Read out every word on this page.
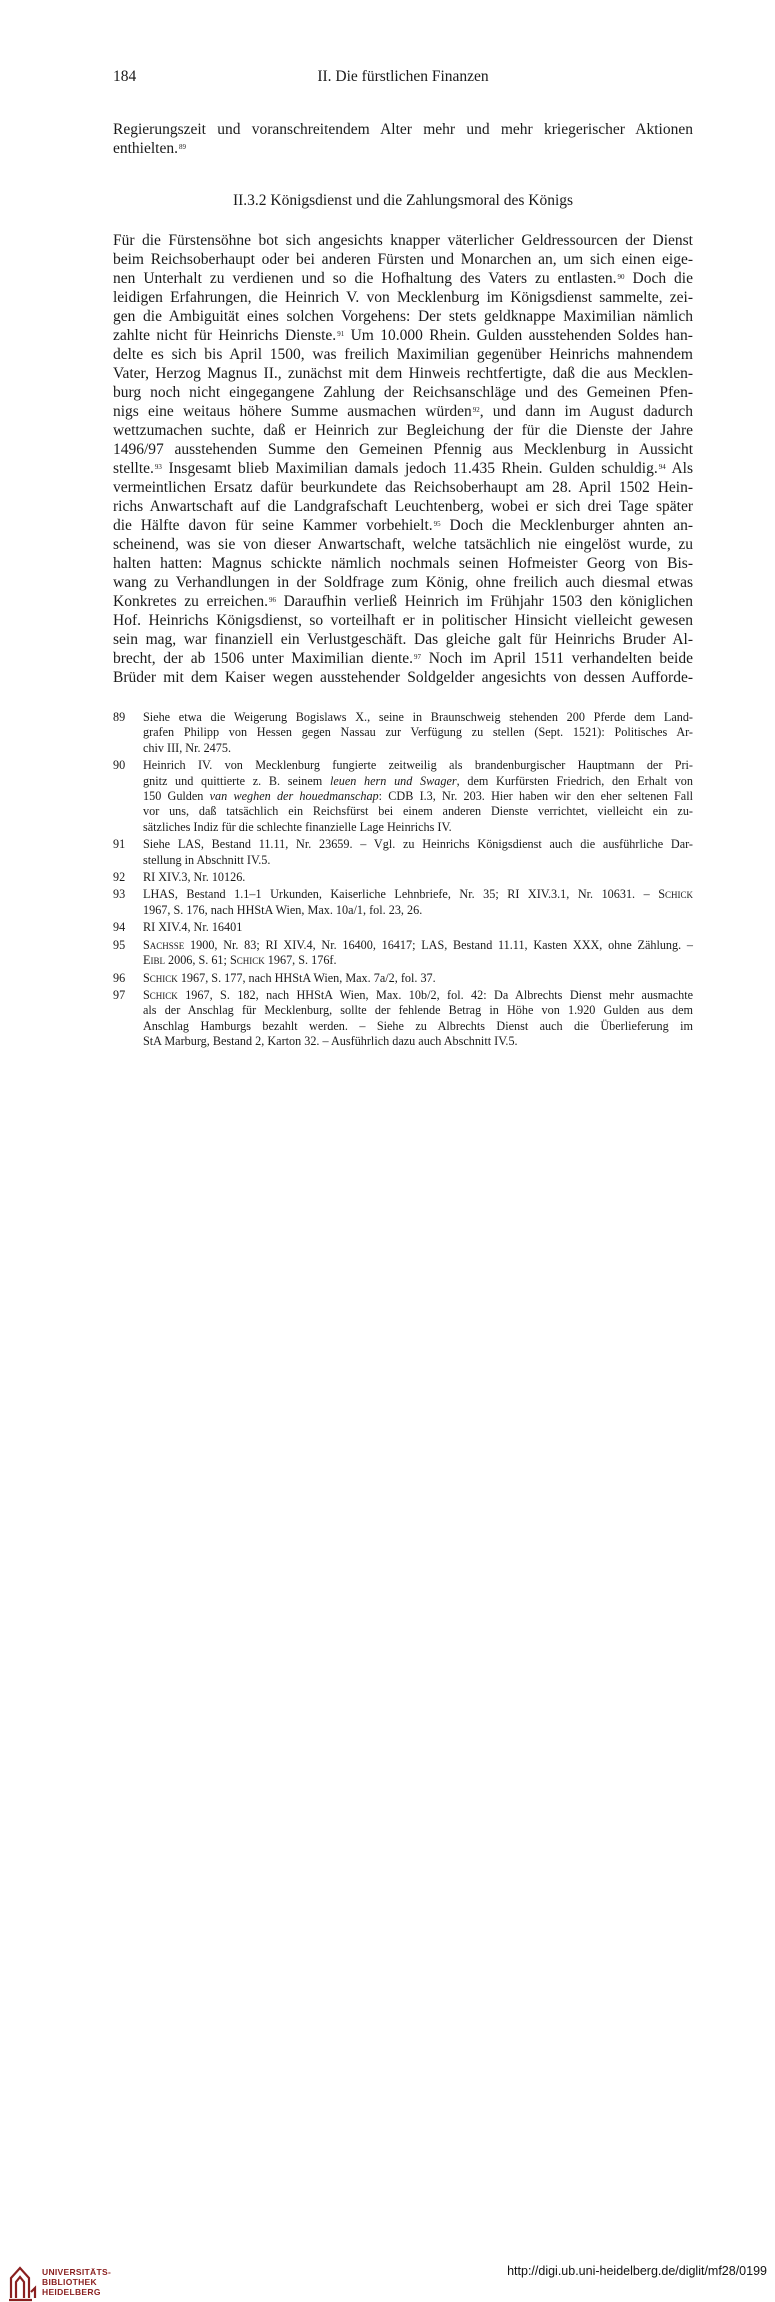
184	II. Die fürstlichen Finanzen
Regierungszeit und voranschreitendem Alter mehr und mehr kriegerischer Aktionen
enthielten.$^{89}$
II.3.2 Königsdienst und die Zahlungsmoral des Königs
Für die Fürstensöhne bot sich angesichts knapper väterlicher Geldressourcen der Dienst
beim Reichsoberhaupt oder bei anderen Fürsten und Monarchen an, um sich einen eige-
nen Unterhalt zu verdienen und so die Hofhaltung des Vaters zu entlasten.$^{90}$ Doch die
leidigen Erfahrungen, die Heinrich V. von Mecklenburg im Königsdienst sammelte, zei-
gen die Ambiguität eines solchen Vorgehens: Der stets geldknappe Maximilian nämlich
zahlte nicht für Heinrichs Dienste.$^{91}$ Um 10.000 Rhein. Gulden ausstehenden Soldes han-
delte es sich bis April 1500, was freilich Maximilian gegenüber Heinrichs mahnendem
Vater, Herzog Magnus II., zunächst mit dem Hinweis rechtfertigte, daß die aus Mecklen-
burg noch nicht eingegangene Zahlung der Reichsanschläge und des Gemeinen Pfen-
nigs eine weitaus höhere Summe ausmachen würden$^{92}$, und dann im August dadurch
wettzumachen suchte, daß er Heinrich zur Begleichung der für die Dienste der Jahre
1496/97 ausstehenden Summe den Gemeinen Pfennig aus Mecklenburg in Aussicht
stellte.$^{93}$ Insgesamt blieb Maximilian damals jedoch 11.435 Rhein. Gulden schuldig.$^{94}$ Als
vermeintlichen Ersatz dafür beurkundete das Reichsoberhaupt am 28. April 1502 Hein-
richs Anwartschaft auf die Landgrafschaft Leuchtenberg, wobei er sich drei Tage später
die Hälfte davon für seine Kammer vorbehielt.$^{95}$ Doch die Mecklenburger ahnten an-
scheinend, was sie von dieser Anwartschaft, welche tatsächlich nie eingelöst wurde, zu
halten hatten: Magnus schickte nämlich nochmals seinen Hofmeister Georg von Bis-
wang zu Verhandlungen in der Soldfrage zum König, ohne freilich auch diesmal etwas
Konkretes zu erreichen.$^{96}$ Daraufhin verließ Heinrich im Frühjahr 1503 den königlichen
Hof. Heinrichs Königsdienst, so vorteilhaft er in politischer Hinsicht vielleicht gewesen
sein mag, war finanziell ein Verlustgeschäft. Das gleiche galt für Heinrichs Bruder Al-
brecht, der ab 1506 unter Maximilian diente.$^{97}$ Noch im April 1511 verhandelten beide
Brüder mit dem Kaiser wegen ausstehender Soldgelder angesichts von dessen Aufforde-
89	Siehe etwa die Weigerung Bogislaws X., seine in Braunschweig stehenden 200 Pferde dem Land-
grafen Philipp von Hessen gegen Nassau zur Verfügung zu stellen (Sept. 1521): Politisches Ar-
chiv III, Nr. 2475.
90	Heinrich IV. von Mecklenburg fungierte zeitweilig als brandenburgischer Hauptmann der Pri-
gnitz und quittierte z. B. seinem leuen hern und Swager, dem Kurfürsten Friedrich, den Erhalt von
150 Gulden van weghen der houedmanschap: CDB I.3, Nr. 203. Hier haben wir den eher seltenen Fall
vor uns, daß tatsächlich ein Reichsfürst bei einem anderen Dienste verrichtet, vielleicht ein zu-
sätzliches Indiz für die schlechte finanzielle Lage Heinrichs IV.
91	Siehe LAS, Bestand 11.11, Nr. 23659. – Vgl. zu Heinrichs Königsdienst auch die ausführliche Dar-
stellung in Abschnitt IV.5.
92	RI XIV.3, Nr. 10126.
93	LHAS, Bestand 1.1–1 Urkunden, Kaiserliche Lehnbriefe, Nr. 35; RI XIV.3.1, Nr. 10631. – Schick
1967, S. 176, nach HHStA Wien, Max. 10a/1, fol. 23, 26.
94	RI XIV.4, Nr. 16401
95	Sachsse 1900, Nr. 83; RI XIV.4, Nr. 16400, 16417; LAS, Bestand 11.11, Kasten XXX, ohne Zählung. –
Eibl 2006, S. 61; Schick 1967, S. 176f.
96	Schick 1967, S. 177, nach HHStA Wien, Max. 7a/2, fol. 37.
97	Schick 1967, S. 182, nach HHStA Wien, Max. 10b/2, fol. 42: Da Albrechts Dienst mehr ausmachte
als der Anschlag für Mecklenburg, sollte der fehlende Betrag in Höhe von 1.920 Gulden aus dem
Anschlag Hamburgs bezahlt werden. – Siehe zu Albrechts Dienst auch die Überlieferung im
StA Marburg, Bestand 2, Karton 32. – Ausführlich dazu auch Abschnitt IV.5.
UNIVERSITÄTS-
BIBLIOTHEK
HEIDELBERG
http://digi.ub.uni-heidelberg.de/diglit/mf28/0199
